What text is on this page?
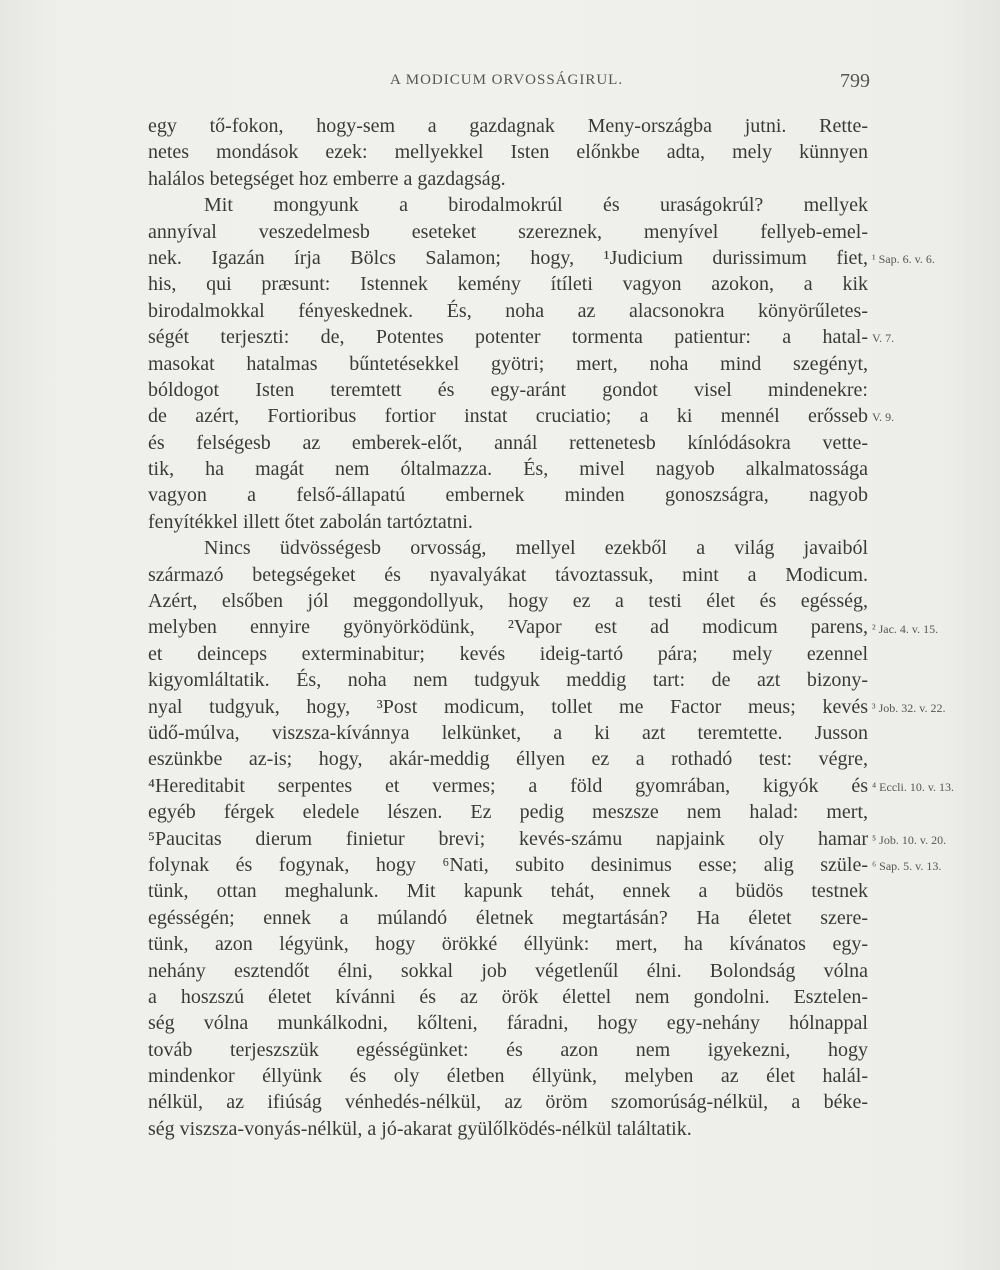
A MODICUM ORVOSSÁGIRUL.	799
egy tő-fokon, hogy-sem a gazdagnak Meny-országba jutni. Rette-
netes mondások ezek: mellyekkel Isten előnkbe adta, mely künnyen
halálos betegséget hoz emberre a gazdagság.
Mit mongyunk a birodalmokrúl és uraságokrúl? mellyek
annyíval veszedelmesb eseteket szereznek, menyível fellyeb-emel-
nek. Igazán írja Bölcs Salamon; hogy, ¹Judicium durissimum fiet,
his, qui præsunt: Istennek kemény ítíleti vagyon azokon, a kik
birodalmokkal fényeskednek. És, noha az alacsonokra könyörűletes-
ségét terjeszti: de, Potentes potenter tormenta patientur: a hatal-
masokat hatalmas bűntetésekkel gyötri; mert, noha mind szegényt,
bóldogot Isten teremtett és egy-aránt gondot visel mindenekre:
de azért, Fortioribus fortior instat cruciatio; a ki mennél erősseb
és felségesb az emberek-előt, annál rettenetesb kínlódásokra vette-
tik, ha magát nem óltalmazza. És, mivel nagyob alkalmatossága
vagyon a felső-állapatú embernek minden gonoszságra, nagyob
fenyítékkel illett őtet zabolán tartóztatni.
Nincs üdvösségesb orvosság, mellyel ezekből a világ javaiból
származó betegségeket és nyavalyákat távoztassuk, mint a Modicum.
Azért, elsőben jól meggondollyuk, hogy ez a testi élet és egésség,
melyben ennyire gyönyörködünk, ²Vapor est ad modicum parens,
et deinceps exterminabitur; kevés ideig-tartó pára; mely ezennel
kigyomláltatik. És, noha nem tudgyuk meddig tart: de azt bizony-
nyal tudgyuk, hogy, ³Post modicum, tollet me Factor meus; kevés
üdő-múlva, viszsza-kívánnya lelkünket, a ki azt teremtette. Jusson
eszünkbe az-is; hogy, akár-meddig éllyen ez a rothadó test: végre,
⁴Hereditabit serpentes et vermes; a föld gyomrában, kigyók és
egyéb férgek eledele lészen. Ez pedig meszsze nem halad: mert,
⁵Paucitas dierum finietur brevi; kevés-számu napjaink oly hamar
folynak és fogynak, hogy ⁶Nati, subito desinimus esse; alig szüle-
tünk, ottan meghalunk. Mit kapunk tehát, ennek a büdös testnek
egésségén; ennek a múlandó életnek megtartásán? Ha életet szere-
tünk, azon légyünk, hogy örökké éllyünk: mert, ha kívánatos egy-
nehány esztendőt élni, sokkal job végetlenűl élni. Bolondság vólna
a hoszszú életet kívánni és az örök élettel nem gondolni. Esztelen-
ség vólna munkálkodni, kőlteni, fáradni, hogy egy-nehány hólnappal
továb terjeszszük egésségünket: és azon nem igyekezni, hogy
mindenkor éllyünk és oly életben éllyünk, melyben az élet halál-
nélkül, az ifiúság vénhedés-nélkül, az öröm szomorúság-nélkül, a béke-
ség viszsza-vonyás-nélkül, a jó-akarat gyülőlködés-nélkül találtatik.
¹ Sap. 6. v. 6.
V. 7.
V. 9.
² Jac. 4. v. 15.
³ Job. 32. v. 22.
⁴ Eccli. 10. v. 13.
⁵ Job. 10. v. 20.
⁶ Sap. 5. v. 13.
